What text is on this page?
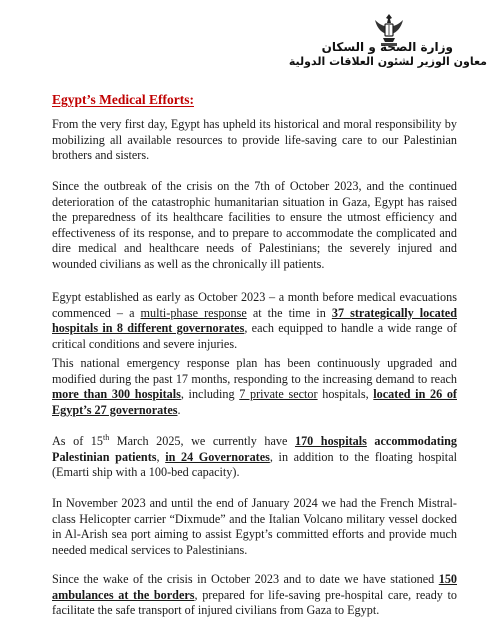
وزارة الصحة و السكان
معاون الوزير لشئون العلاقات الدولية
Egypt’s Medical Efforts:
From the very first day, Egypt has upheld its historical and moral responsibility by mobilizing all available resources to provide life-saving care to our Palestinian brothers and sisters.
Since the outbreak of the crisis on the 7th of October 2023, and the continued deterioration of the catastrophic humanitarian situation in Gaza, Egypt has raised the preparedness of its healthcare facilities to ensure the utmost efficiency and effectiveness of its response, and to prepare to accommodate the complicated and dire medical and healthcare needs of Palestinians; the severely injured and wounded civilians as well as the chronically ill patients.
Egypt established as early as October 2023 – a month before medical evacuations commenced – a multi-phase response at the time in 37 strategically located hospitals in 8 different governorates, each equipped to handle a wide range of critical conditions and severe injuries.
This national emergency response plan has been continuously upgraded and modified during the past 17 months, responding to the increasing demand to reach more than 300 hospitals, including 7 private sector hospitals, located in 26 of Egypt’s 27 governorates.
As of 15th March 2025, we currently have 170 hospitals accommodating Palestinian patients, in 24 Governorates, in addition to the floating hospital (Emarti ship with a 100-bed capacity).
In November 2023 and until the end of January 2024 we had the French Mistral-class Helicopter carrier “Dixmude” and the Italian Volcano military vessel docked in Al-Arish sea port aiming to assist Egypt’s committed efforts and provide much needed medical services to Palestinians.
Since the wake of the crisis in October 2023 and to date we have stationed 150 ambulances at the borders, prepared for life-saving pre-hospital care, ready to facilitate the safe transport of injured civilians from Gaza to Egypt.
